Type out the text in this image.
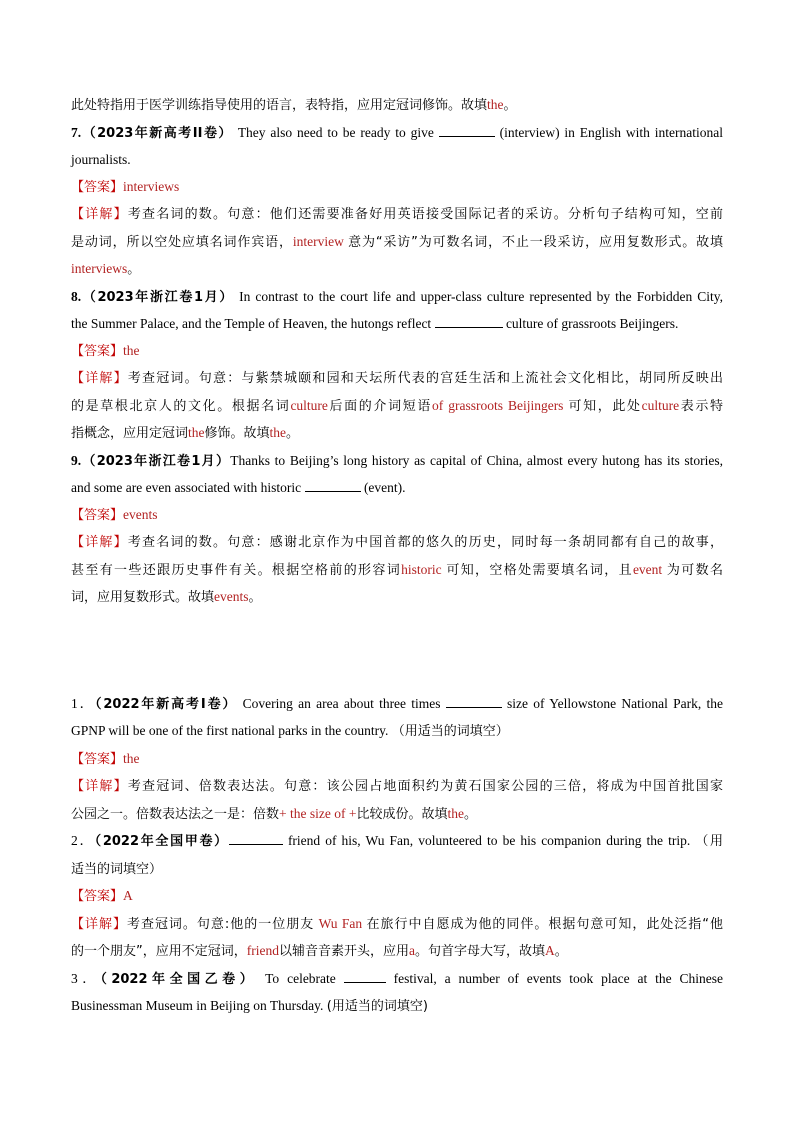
此处特指用于医学训练指导使用的语言，表特指，应用定冠词修饰。故填the。
7.（2023年新高考II卷） They also need to be ready to give	(interview) in English with international
journalists.
【答案】interviews
【详解】考查名词的数。句意：他们还需要准备好用英语接受国际记者的采访。分析句子结构可知，空前
是动词，所以空处应填名词作宾语，interview 意为“采访”为可数名词，不止一段采访，应用复数形式。故填
interviews。
8.（2023年浙江卷1月） In contrast to the court life and upper-class culture represented by the Forbidden City,
the Summer Palace, and the Temple of Heaven, the hutongs reflect	culture of grassroots Beijingers.
【答案】the
【详解】考查冠词。句意：与紫禁城颐和园和天坛所代表的宫廷生活和上流社会文化相比，胡同所反映出
的是草根北京人的文化。根据名词culture后面的介词短语of grassroots Beijingers 可知，此处culture表示特
指概念，应用定冠词the修饰。故填the。
9.（2023年浙江卷1月）Thanks to Beijing’s long history as capital of China, almost every hutong has its stories,
and some are even associated with historic	(event).
【答案】events
【详解】考查名词的数。句意：感谢北京作为中国首都的悠久的历史，同时每一条胡同都有自己的故事，
甚至有一些还跟历史事件有关。根据空格前的形容词historic 可知，空格处需要填名词，且event 为可数名
词，应用复数形式。故填events。
1．（2022年新高考I卷） Covering an area about three times	size of Yellowstone National Park, the
GPNP will be one of the first national parks in the country. （用适当的词填空）
【答案】the
【详解】考查冠词、倍数表达法。句意：该公园占地面积约为黄石国家公园的三倍，将成为中国首批国家
公园之一。倍数表达法之一是：倍数+ the size of +比较成份。故填the。
2．（2022年全国甲卷）	friend of his, Wu Fan, volunteered to be his companion during the trip. （用
适当的词填空）
【答案】A
【详解】考查冠词。句意:他的一位朋友 Wu Fan 在旅行中自愿成为他的同伴。根据句意可知，此处泛指“他
的一个朋友”，应用不定冠词，friend以辅音音素开头，应用a。句首字母大写，故填A。
3．（2022年全国乙卷） To celebrate	festival, a number of events took place at the Chinese
Businessman Museum in Beijing on Thursday. (用适当的词填空)
